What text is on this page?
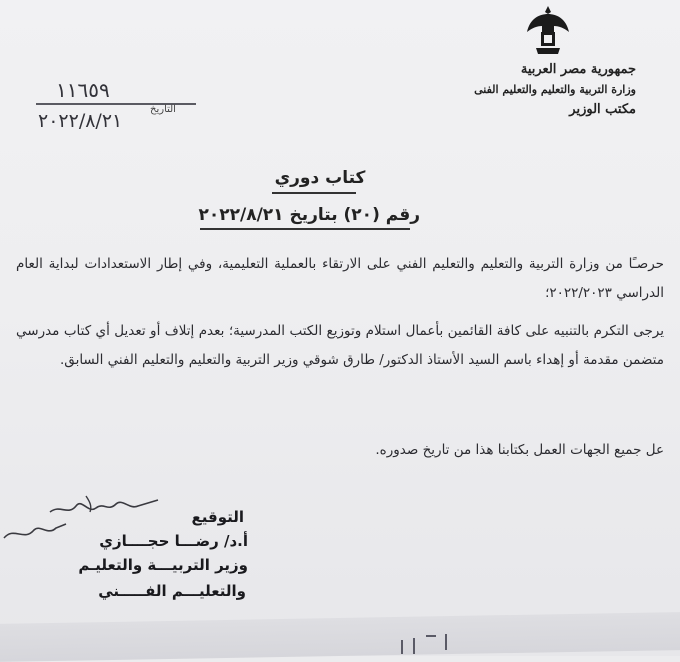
جمهورية مصر العربية
وزارة التربية والتعليم والتعليم الفنى
مكتب الوزير
١١٦٥٩
التاريخ
٢٠٢٢/٨/٢١
كتاب دوري
رقم (٢٠) بتاريخ ٢٠٢٢/٨/٢١
حرصـًا من وزارة التربية والتعليم والتعليم الفني على الارتقاء بالعملية التعليمية، وفي إطار الاستعدادات لبداية العام الدراسي ٢٠٢٢/٢٠٢٣؛
يرجى التكرم بالتنبيه على كافة القائمين بأعمال استلام وتوزيع الكتب المدرسية؛ بعدم إتلاف أو تعديل أي كتاب مدرسي متضمن مقدمة أو إهداء باسم السيد الأستاذ الدكتور/ طارق شوقي وزير التربية والتعليم والتعليم الفني السابق.
عل جميع الجهات العمل بكتابنا هذا من تاريخ صدوره.
التوقيع
أ.د/ رضـــا حجــــازي
وزير التربيـــة والتعليـم
والتعليـــم الفـــــني
